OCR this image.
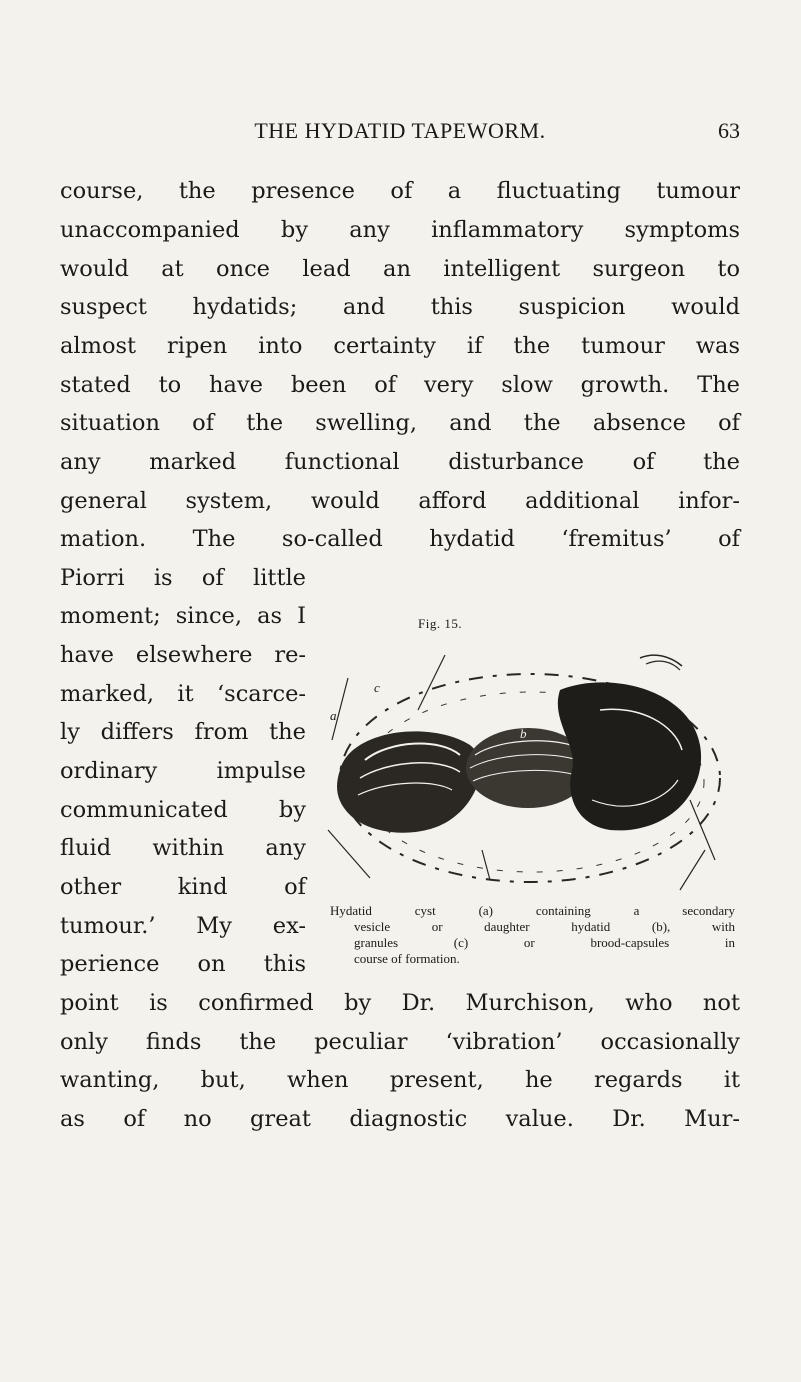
THE HYDATID TAPEWORM.	63
course, the presence of a fluctuating tumour
unaccompanied by any inflammatory symptoms
would at once lead an intelligent surgeon to
suspect hydatids; and this suspicion would
almost ripen into certainty if the tumour was
stated to have been of very slow growth. The
situation of the swelling, and the absence of
any marked functional disturbance of the
general system, would afford additional infor-
mation. The so-called hydatid ‘fremitus’ of
Piorri is of little
moment; since, as I
have elsewhere re-
marked, it ‘scarce-
ly differs from the
ordinary impulse
communicated by
fluid within any
other kind of
tumour.’ My ex-
perience on this
point is confirmed by Dr. Murchison, who not
only finds the peculiar ‘vibration’ occasionally
wanting, but, when present, he regards it
as of no great diagnostic value. Dr. Mur-
Fig. 15.
c
b
a
Hydatid cyst (a) containing a secondary
vesicle or daughter hydatid (b), with
granules (c) or brood-capsules in
course of formation.
